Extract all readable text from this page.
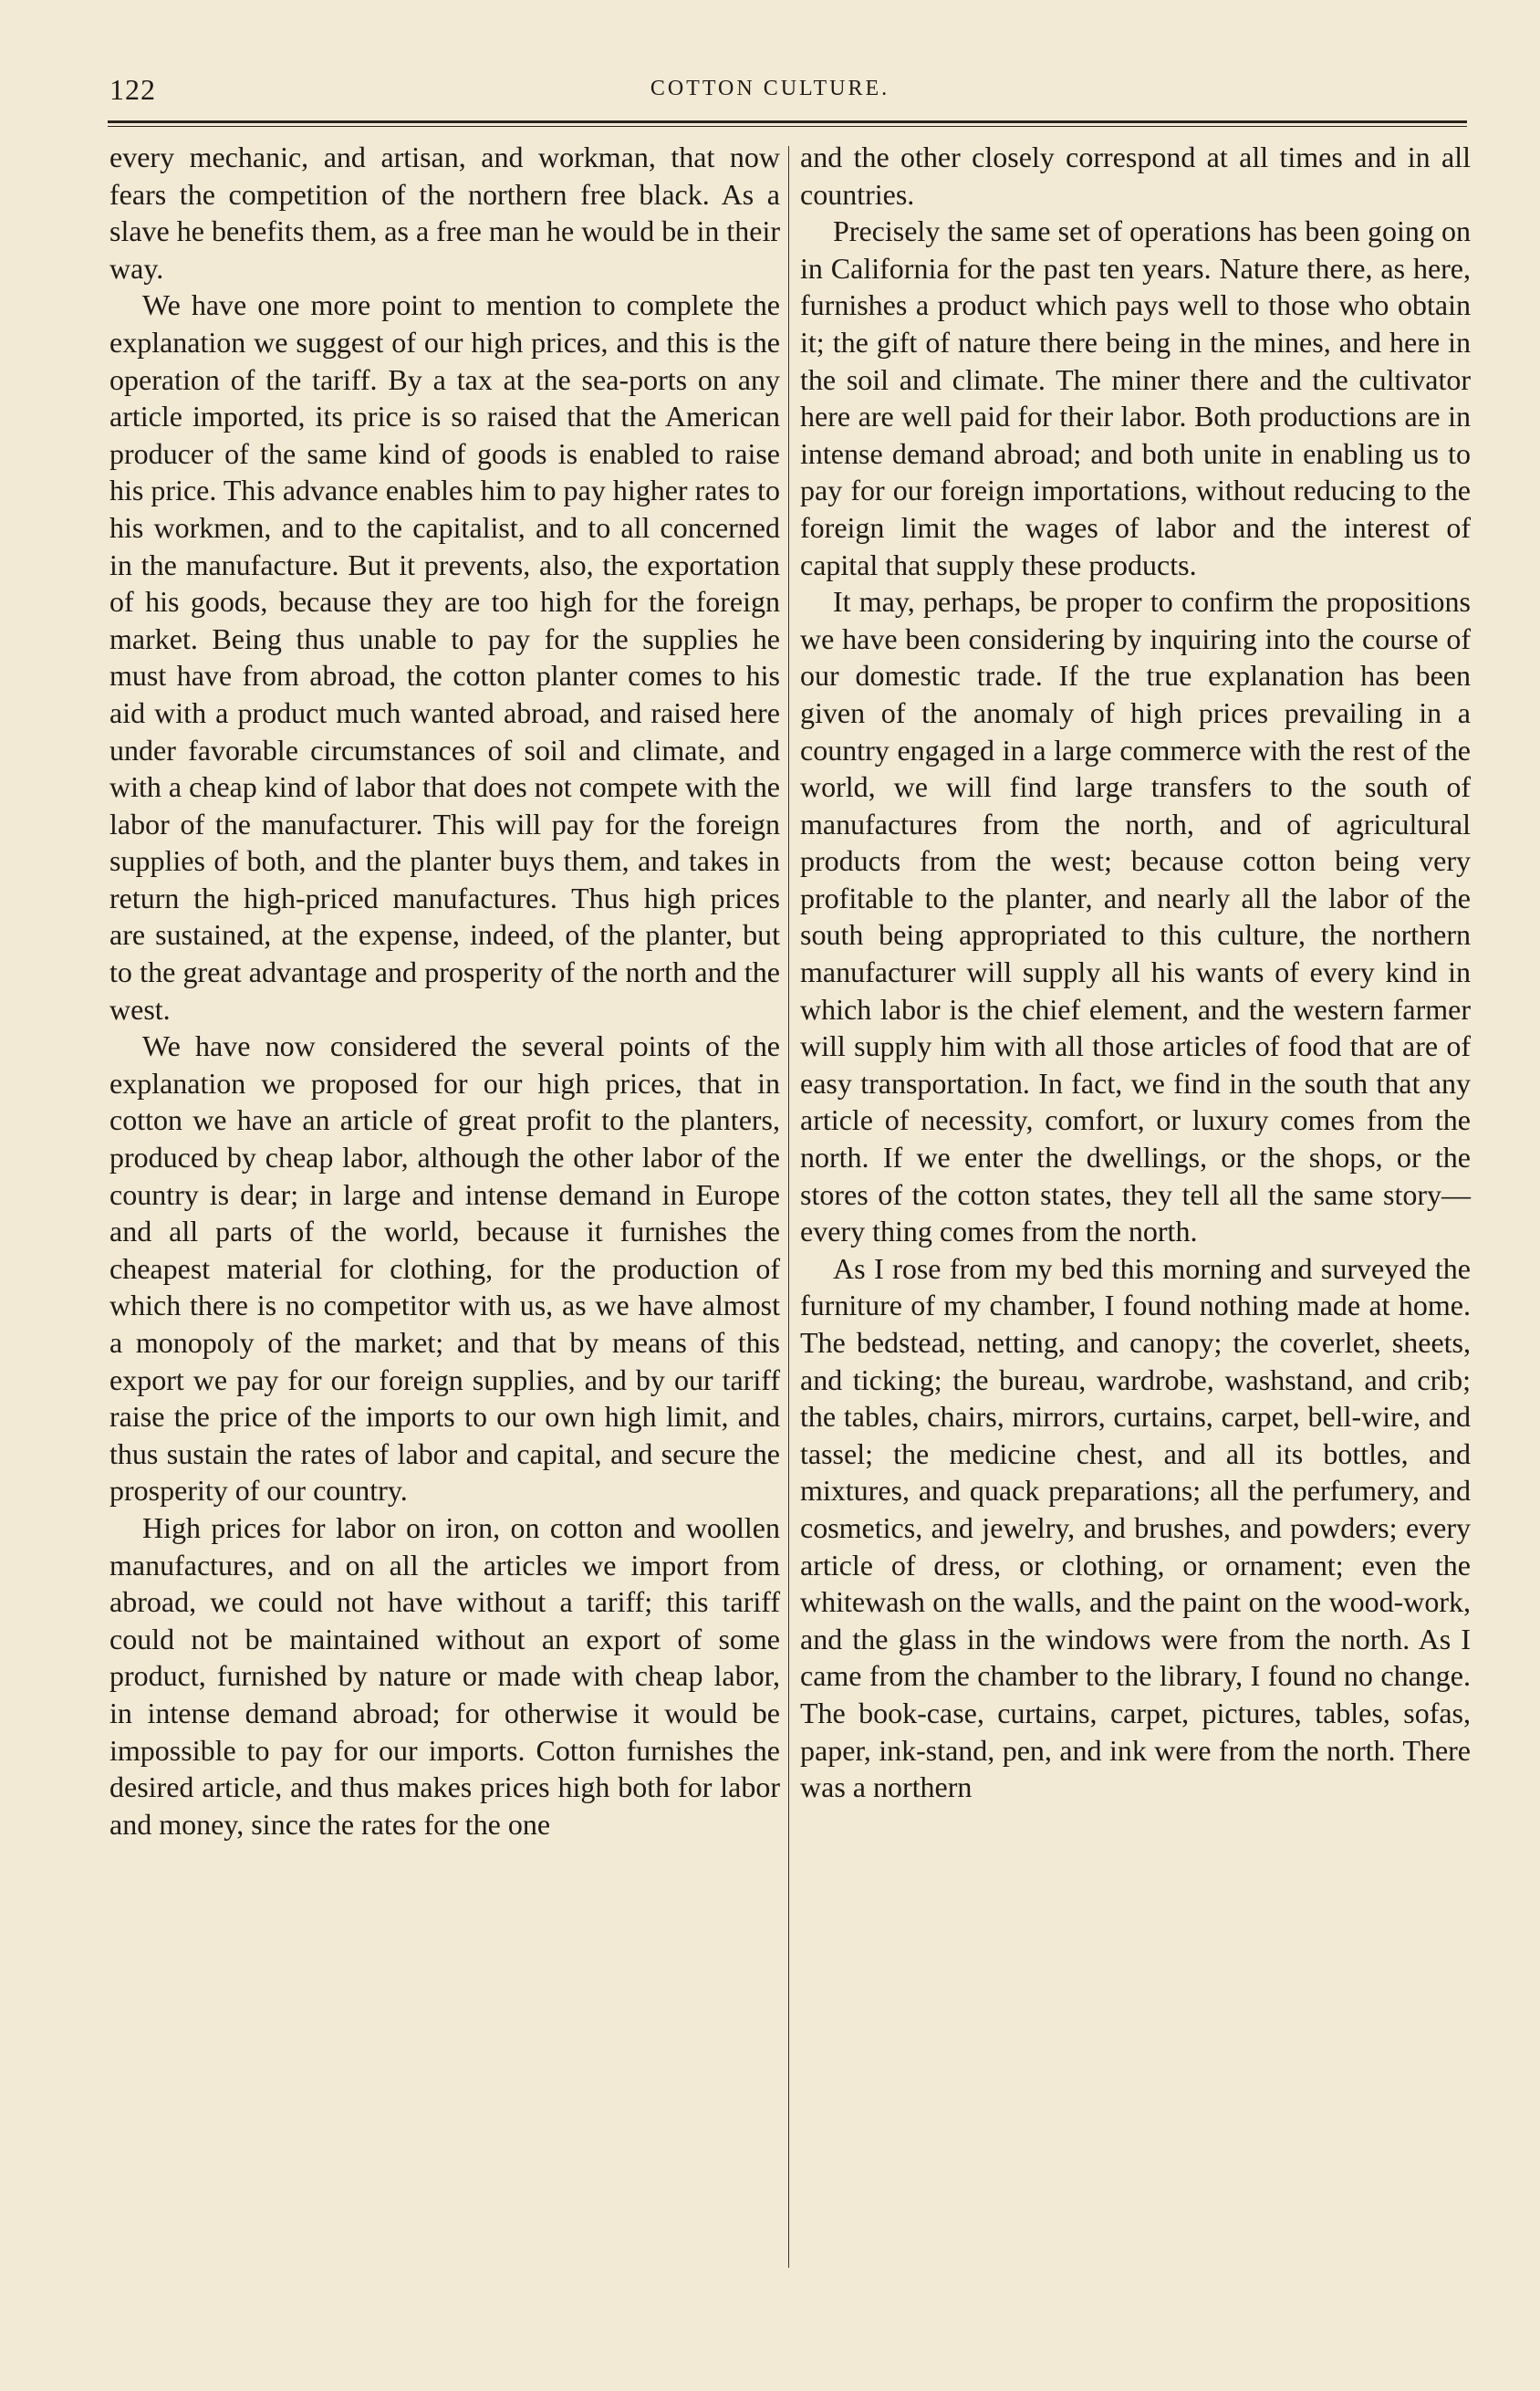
122	COTTON CULTURE.

every mechanic, and artisan, and workman, that now fears the competition of the northern free black. As a slave he benefits them, as a free man he would be in their way.

We have one more point to mention to complete the explanation we suggest of our high prices, and this is the operation of the tariff. By a tax at the sea-ports on any article imported, its price is so raised that the American producer of the same kind of goods is enabled to raise his price. This advance enables him to pay higher rates to his workmen, and to the capitalist, and to all concerned in the manufacture. But it prevents, also, the exportation of his goods, because they are too high for the foreign market. Being thus unable to pay for the supplies he must have from abroad, the cotton planter comes to his aid with a product much wanted abroad, and raised here under favorable circumstances of soil and climate, and with a cheap kind of labor that does not compete with the labor of the manufacturer. This will pay for the foreign supplies of both, and the planter buys them, and takes in return the high-priced manufactures. Thus high prices are sustained, at the expense, indeed, of the planter, but to the great advantage and prosperity of the north and the west.

We have now considered the several points of the explanation we proposed for our high prices, that in cotton we have an article of great profit to the planters, produced by cheap labor, although the other labor of the country is dear; in large and intense demand in Europe and all parts of the world, because it furnishes the cheapest material for clothing, for the production of which there is no competitor with us, as we have almost a monopoly of the market; and that by means of this export we pay for our foreign supplies, and by our tariff raise the price of the imports to our own high limit, and thus sustain the rates of labor and capital, and secure the prosperity of our country.

High prices for labor on iron, on cotton and woollen manufactures, and on all the articles we import from abroad, we could not have without a tariff; this tariff could not be maintained without an export of some product, furnished by nature or made with cheap labor, in intense demand abroad; for otherwise it would be impossible to pay for our imports. Cotton furnishes the desired article, and thus makes prices high both for labor and money, since the rates for the one

and the other closely correspond at all times and in all countries.

Precisely the same set of operations has been going on in California for the past ten years. Nature there, as here, furnishes a product which pays well to those who obtain it; the gift of nature there being in the mines, and here in the soil and climate. The miner there and the cultivator here are well paid for their labor. Both productions are in intense demand abroad; and both unite in enabling us to pay for our foreign importations, without reducing to the foreign limit the wages of labor and the interest of capital that supply these products.

It may, perhaps, be proper to confirm the propositions we have been considering by inquiring into the course of our domestic trade. If the true explanation has been given of the anomaly of high prices prevailing in a country engaged in a large commerce with the rest of the world, we will find large transfers to the south of manufactures from the north, and of agricultural products from the west; because cotton being very profitable to the planter, and nearly all the labor of the south being appropriated to this culture, the northern manufacturer will supply all his wants of every kind in which labor is the chief element, and the western farmer will supply him with all those articles of food that are of easy transportation. In fact, we find in the south that any article of necessity, comfort, or luxury comes from the north. If we enter the dwellings, or the shops, or the stores of the cotton states, they tell all the same story—every thing comes from the north.

As I rose from my bed this morning and surveyed the furniture of my chamber, I found nothing made at home. The bedstead, netting, and canopy; the coverlet, sheets, and ticking; the bureau, wardrobe, washstand, and crib; the tables, chairs, mirrors, curtains, carpet, bell-wire, and tassel; the medicine chest, and all its bottles, and mixtures, and quack preparations; all the perfumery, and cosmetics, and jewelry, and brushes, and powders; every article of dress, or clothing, or ornament; even the whitewash on the walls, and the paint on the wood-work, and the glass in the windows were from the north. As I came from the chamber to the library, I found no change. The book-case, curtains, carpet, pictures, tables, sofas, paper, ink-stand, pen, and ink were from the north. There was a northern
